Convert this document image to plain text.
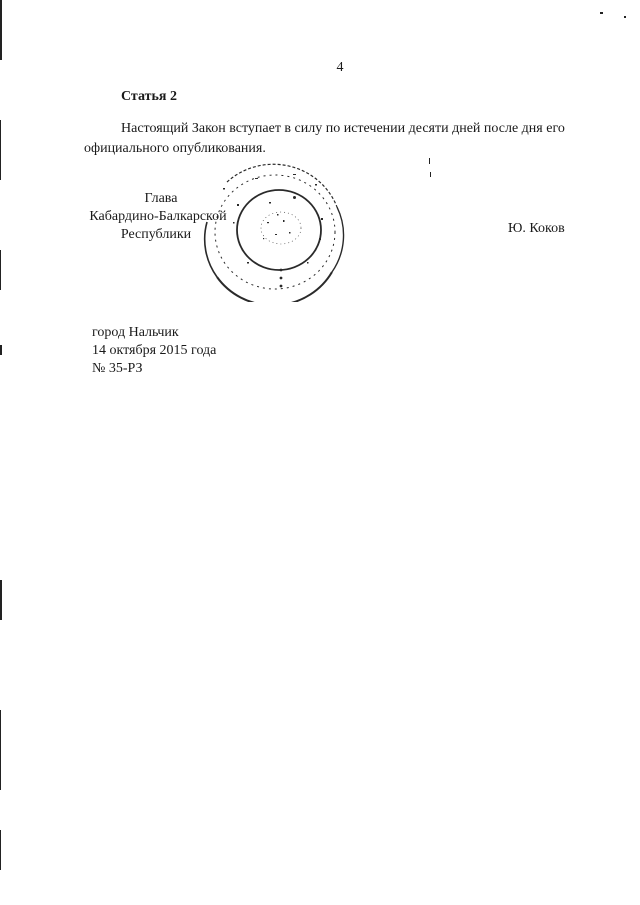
4
Статья 2
Настоящий Закон вступает в силу по истечении десяти дней после дня его
официального опубликования.
Глава
Кабардино-Балкарской
Республики	Ю. Коков
город Нальчик
14 октября 2015 года
№ 35-РЗ
